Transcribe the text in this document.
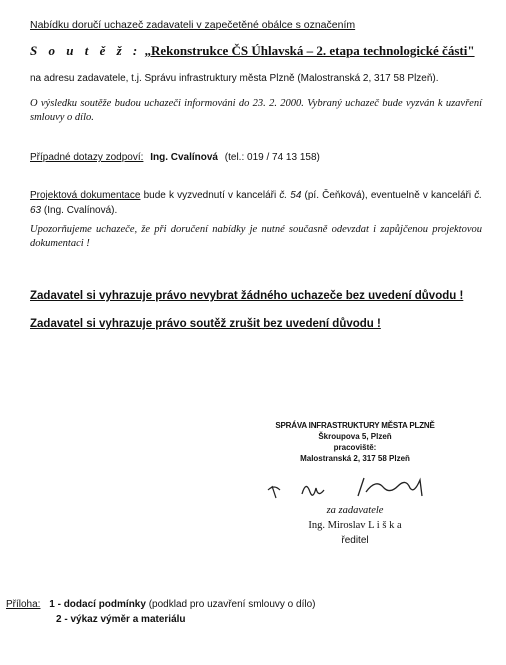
Nabídku doručí uchazeč zadavateli v zapečetěné obálce s označením
S o u t ě ž : „Rekonstrukce ČS Úhlavská – 2. etapa technologické části"
na adresu zadavatele, t.j. Správu infrastruktury města Plzně (Malostranská 2, 317 58 Plzeň).
O výsledku soutěže budou uchazeči informováni do 23. 2. 2000. Vybraný uchazeč bude vyzván k uzavření smlouvy o dílo.
Případné dotazy zodpoví: Ing. Cvalínová (tel.: 019 / 74 13 158)
Projektová dokumentace bude k vyzvednutí v kanceláři č. 54 (pí. Čeňková), eventuelně v kanceláři č. 63 (Ing. Cvalínová).
Upozorňujeme uchazeče, že při doručení nabídky je nutné současně odevzdat i zapůjčenou projektovou dokumentaci !
Zadavatel si vyhrazuje právo nevybrat žádného uchazeče bez uvedení důvodu !
Zadavatel si vyhrazuje právo soutěž zrušit bez uvedení důvodu !
SPRÁVA INFRASTRUKTURY MĚSTA PLZNĚ
Škroupova 5, Plzeň
pracoviště:
Malostranská 2, 317 58 Plzeň
za zadavatele
Ing. Miroslav L i š k a
ředitel
Příloha: 1 - dodací podmínky (podklad pro uzavření smlouvy o dílo)
2 - výkaz výměr a materiálu
